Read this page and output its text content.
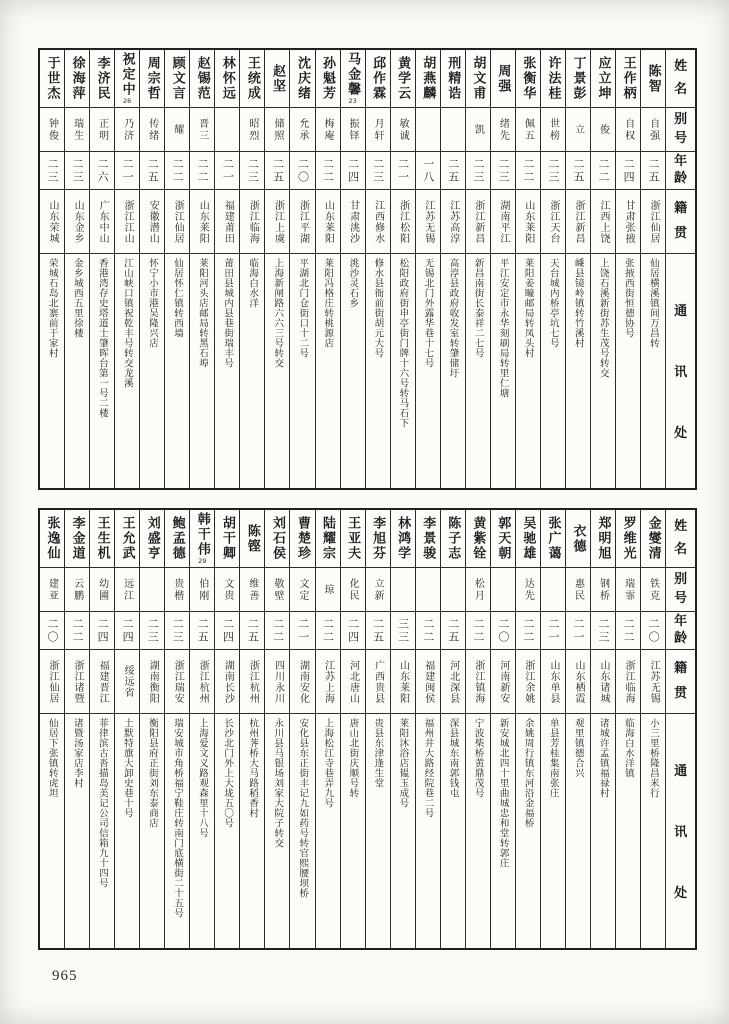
于世杰
钟俊
二三
山东荣城
荣城石岛北寨前于家村
徐海萍
瑞生
二三
山东金乡
金乡城西五里徐楼
李济民
正明
二六
广东中山
香港湾存史塔道士肇晖台第一号二楼
祝定中
26
乃济
二一
浙江江山
江山峡口镇祝乾丰号转交龙溪
周宗哲
传绪
二五
安徽潜山
怀宁小市港吴隆兴店
顾文言
耀
二二
浙江仙居
仙居怀仁镇转西墙
赵锡范
晋三
二二
山东莱阳
莱阳河头店邮局转黑石埠
林怀远
二一
福建莆田
莆田县城内县巷街瑞丰号
王统成
昭烈
二三
浙江临海
临海白水洋
赵坚
储照
二五
浙江上虞
上海新闸路六六三号转交
沈庆绪
允承
二〇
浙江平湖
平湖北门仓街口十二号
孙魁芳
梅庵
二二
山东莱阳
莱阳冯格庄转桃源店
马金馨
23
振铎
二四
甘肃洮沙
洮沙灵石乡
邱作霖
月轩
二三
江西修水
修水县衙前街胡元大号
黄学云
敏诚
二一
浙江松阳
松阳政府街申亭街门牌十六号转马石下
胡燕麟
一八
江苏无锡
无锡北门外露华巷十七号
刑精诰
二五
江苏高淳
高淳县政府收发室转肇储圩
胡文甫
凯
二三
浙江新昌
新昌南街长泰祥二七号
周强
绪先
二三
湖南平江
平江安定市永华刻刷局转里仁塘
张衡华
佩五
二二
山东莱阳
莱阳姜疃邮局转凤头村
许法桂
世榜
二三
浙江天台
天台城内桥亭坑七号
丁景彭
立
二五
浙江新昌
嵊县镜岭镇转竹溪村
应立坤
俊
二二
江西上饶
上饶石溪新街苏生茂号转交
王作柄
自权
二四
甘肃张掖
张掖西街恒德协号
陈智
自强
二五
浙江仙居
仙居横溪镇间万昌转
姓
名
别
号
年
龄
籍
贯
通
讯
处
张逸仙
建亚
二〇
浙江仙居
仙居下张镇转虎坦
李金道
云鹏
二二
浙江诸暨
诸暨汤家店李村
王生机
幼圃
二四
福建晋江
菲律滨古沓描岛美记公司信箱九十四号
王允武
远江
二四
绥远省
土默特旗大卸史巷十号
刘盛亨
二三
湖南衡阳
衡阳县府正街刘东泰商店
鲍孟德
贵楷
二三
浙江瑞安
瑞安城市角桥福宁鞋庄转南门底横街二十五号
韩干伟
29
伯刚
二五
浙江杭州
上海爱文义路观森里十八号
胡干卿
文贵
二四
湖南长沙
长沙北门外上大垅五〇号
陈铿
维善
二五
浙江杭州
杭州荠桥大马路稻香村
刘石侯
敬壁
二二
四川永川
永川县马银场刘家大院子转交
曹楚珍
文定
二一
湖南安化
安化县东正街丰记九如药号转官熙腰坝桥
陆耀宗
琼
二二
江苏上海
上海松江寺巷弄九号
王亚夫
化民
二四
河北唐山
唐山北街庆顺号转
李旭芬
立新
二五
广西贵县
贵县东津逢生堂
林鸿学
三三
山东莱阳
莱阳沐浴店韫玉成号
李景骏
二二
福建闽侯
福州井大路经院巷二号
陈子志
二五
河北深县
深县城东南郭钱屯
黄紫铨
松月
二二
浙江镇海
宁波柴桥黄鼎茂号
郭天朝
二〇
河南新安
新安城北四十里曲城忠和堂转郭庄
吴驰雄
达先
二二
浙江余姚
余姚周行镇东河沿金福桥
张广蔼
二一
山东单县
单县芳桂集南张庄
衣德
惠民
二一
山东栖霞
观里镇德合兴
郑明旭
钢桥
二三
山东诸城
诸城许孟镇福禄村
罗维光
瑞霏
二二
浙江临海
临海白水洋镇
金燮清
铁克
二〇
江苏无锡
小三里桥隆昌米行
姓
名
别
号
年
龄
籍
贯
通
讯
处
965
